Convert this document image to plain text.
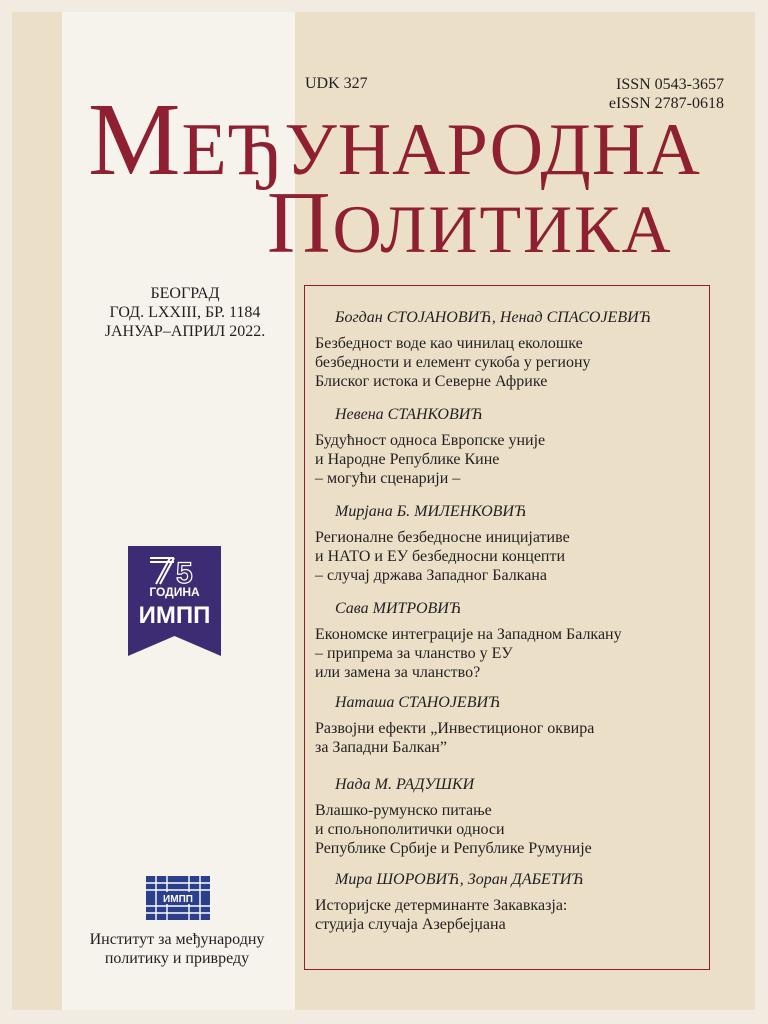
UDK 327	ISSN 0543-3657
eISSN 2787-0618
МЕЂУНАРОДНА
ПОЛИТИКА
БЕОГРАД
ГОД. LXXIII, БР. 1184
ЈАНУАР–АПРИЛ 2022.
5
ГОДИНА
ИМПП
Богдан СТОЈАНОВИЋ, Ненад СПАСОЈЕВИЋ
Безбедност воде као чинилац еколошке
безбедности и елемент сукоба у региону
Блиског истока и Северне Африке
Невена СТАНКОВИЋ
Будућност односа Европске уније
и Народне Републике Кине
– могући сценарији –
Мирјана Б. МИЛЕНКОВИЋ
Регионалне безбедносне иницијативе
и НАТО и ЕУ безбедносни концепти
– случај држава Западног Балкана
Сава МИТРОВИЋ
Економске интеграције на Западном Балкану
– припрема за чланство у ЕУ
или замена за чланство?
Наташа СТАНОЈЕВИЋ
Развојни ефекти „Инвестиционог оквира
за Западни Балкан”
Нада М. РАДУШКИ
Влашко-румунско питање
и спољнополитички односи
Републике Србије и Републике Румуније
Мира ШОРОВИЋ, Зоран ДАБЕТИЋ
Историјске детерминанте Закавказја:
студија случаја Азербејџана
ИМПП
Институт за међународну
политику и привреду
